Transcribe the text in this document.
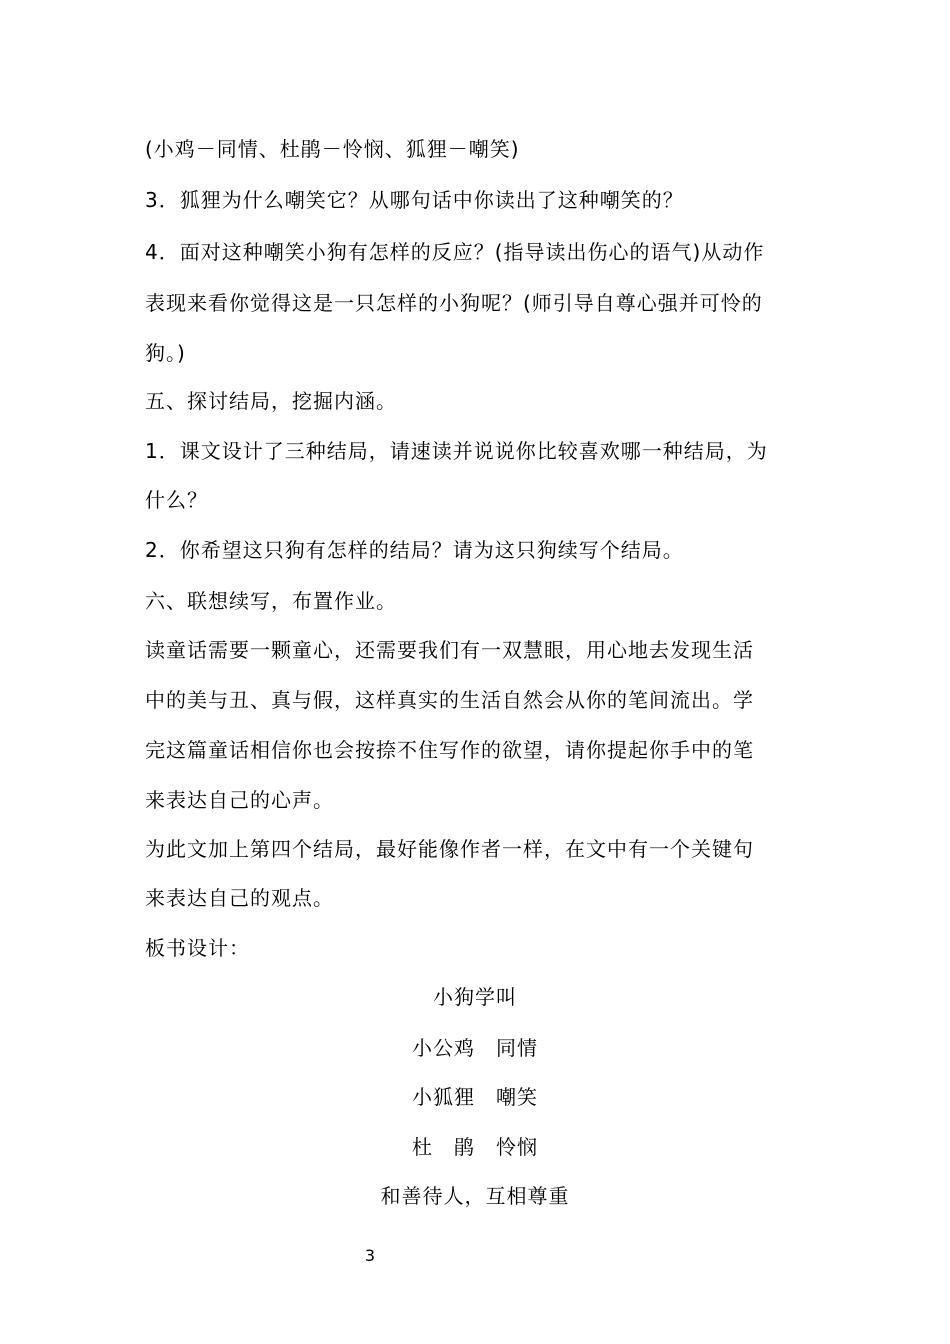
(小鸡－同情、杜鹃－怜悯、狐狸－嘲笑)
3．狐狸为什么嘲笑它？从哪句话中你读出了这种嘲笑的？
4．面对这种嘲笑小狗有怎样的反应？(指导读出伤心的语气)从动作
表现来看你觉得这是一只怎样的小狗呢？(师引导自尊心强并可怜的
狗。)
五、探讨结局，挖掘内涵。
1．课文设计了三种结局，请速读并说说你比较喜欢哪一种结局，为
什么？
2．你希望这只狗有怎样的结局？请为这只狗续写个结局。
六、联想续写，布置作业。
读童话需要一颗童心，还需要我们有一双慧眼，用心地去发现生活
中的美与丑、真与假，这样真实的生活自然会从你的笔间流出。学
完这篇童话相信你也会按捺不住写作的欲望，请你提起你手中的笔
来表达自己的心声。
为此文加上第四个结局，最好能像作者一样，在文中有一个关键句
来表达自己的观点。
板书设计：
小狗学叫
小公鸡　同情
小狐狸　嘲笑
杜　鹃　怜悯
和善待人，互相尊重
3
